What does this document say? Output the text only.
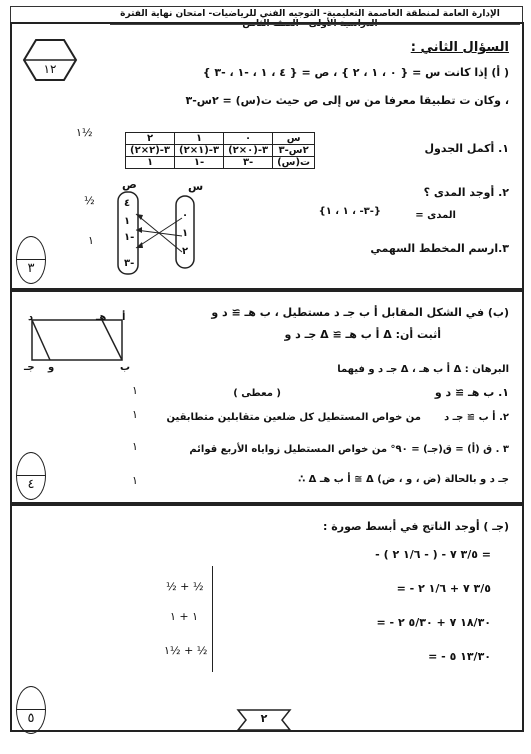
الإدارة العامة لمنطقة العاصمة التعليمية- التوجيه الفني للرياضيات- امتحان نهاية الفترة الدراسية الأولى - الصف الثامن
١٢
السؤال الثاني :
( أ) إذا كانت س = { ٠ ، ١ ، ٢ } ، ص = { ٤ ، ١ ، -١ ، -٣ }
، وكان ت تطبيقا معرفا من س إلى ص حيث ت(س) = ٢س-٣
١. أكمل الجدول
٢	١	٠	س
٣-(٢×٢)	٣-(١×٢)	٣-(٠×٢)	٢س-٣
١	١-	٣-	ت(س)
٢. أوجد المدى ؟
المدى =
{٣- ، ١ ، ١-}
٣.ارسم المخطط السهمي
س
ص
٠
١
٢
٤
١
١-
٣-
١½
½
١
٣
(ب) في الشكل المقابل أ ب جـ د مستطيل ، ب هـ ≅ د و
أثبت أن: Δ أ ب هـ ≅ Δ جـ د و
أ
هـ
د
ب
و
جـ	البرهان : Δ أ ب هـ ، Δ جـ د و فيهما
١. ب هـ ≅ د و
( معطى )
٢. أ ب ≅ جـ د
من خواص المستطيل كل ضلعين متقابلين متطابقين
٣ . ق (أ) = ق(جـ) = ٩٠° من خواص المستطيل زواياه الأربع قوائم
∴ Δ أ ب هـ ≅ Δ جـ د و بالحالة (ض ، و ، ض)
١
١
١
١
٤
(جـ ) أوجد الناتج في أبسط صورة :
- ٣/٥ ٧ - ( - ١/٦ ٢ ) =
= - ٣/٥ ٧ + ١/٦ ٢
= - ١٨/٣٠ ٧ + ٥/٣٠ ٢
= - ١٣/٣٠ ٥
½ + ½
١ + ١
١½ + ½
٥	٢
